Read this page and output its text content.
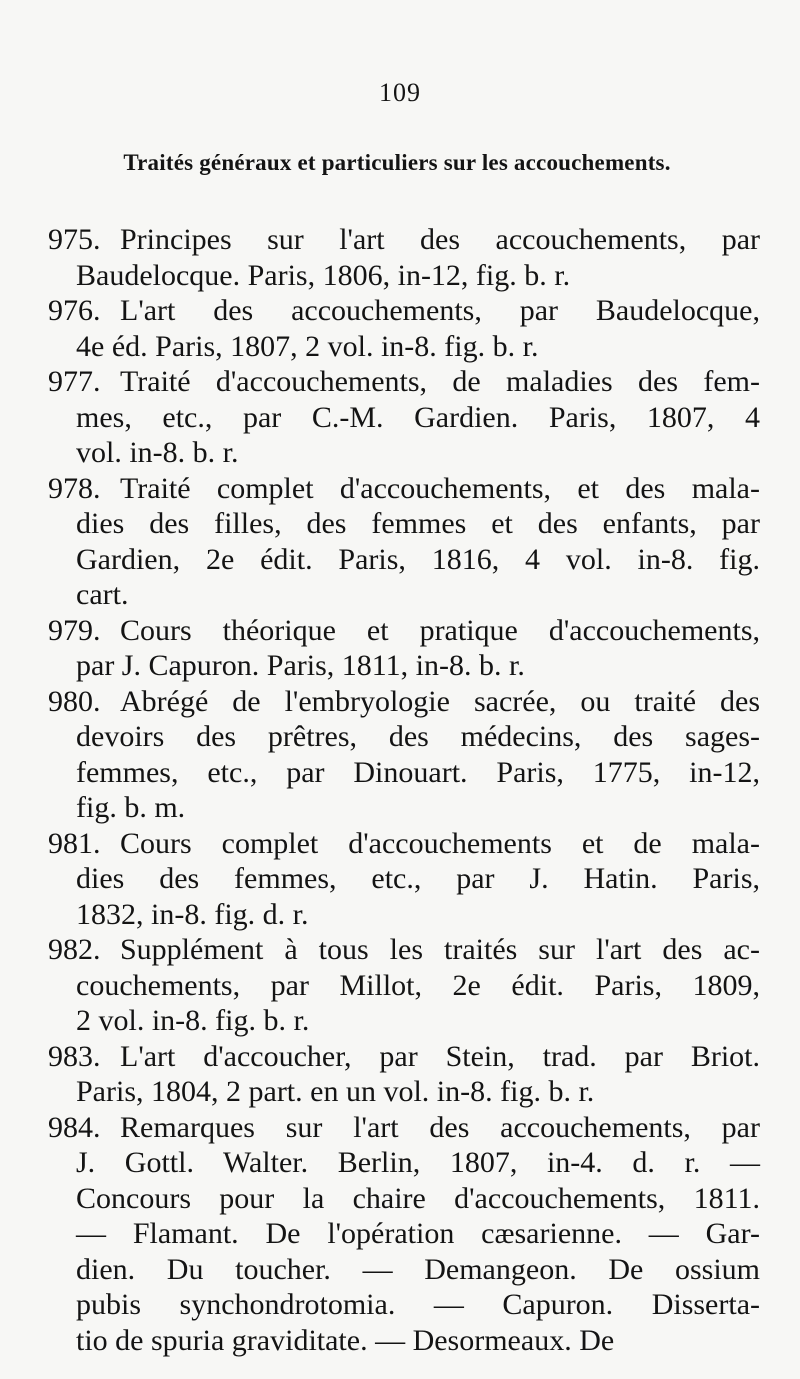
109
Traités généraux et particuliers sur les accouchements.
975. Principes sur l'art des accouchements, par
Baudelocque. Paris, 1806, in-12, fig. b. r.
976. L'art des accouchements, par Baudelocque,
4e éd. Paris, 1807, 2 vol. in-8. fig. b. r.
977. Traité d'accouchements, de maladies des fem-
mes, etc., par C.-M. Gardien. Paris, 1807, 4
vol. in-8. b. r.
978. Traité complet d'accouchements, et des mala-
dies des filles, des femmes et des enfants, par
Gardien, 2e édit. Paris, 1816, 4 vol. in-8. fig.
cart.
979. Cours théorique et pratique d'accouchements,
par J. Capuron. Paris, 1811, in-8. b. r.
980. Abrégé de l'embryologie sacrée, ou traité des
devoirs des prêtres, des médecins, des sages-
femmes, etc., par Dinouart. Paris, 1775, in-12,
fig. b. m.
981. Cours complet d'accouchements et de mala-
dies des femmes, etc., par J. Hatin. Paris,
1832, in-8. fig. d. r.
982. Supplément à tous les traités sur l'art des ac-
couchements, par Millot, 2e édit. Paris, 1809,
2 vol. in-8. fig. b. r.
983. L'art d'accoucher, par Stein, trad. par Briot.
Paris, 1804, 2 part. en un vol. in-8. fig. b. r.
984. Remarques sur l'art des accouchements, par
J. Gottl. Walter. Berlin, 1807, in-4. d. r. —
Concours pour la chaire d'accouchements, 1811.
— Flamant. De l'opération cæsarienne. — Gar-
dien. Du toucher. — Demangeon. De ossium
pubis synchondrotomia. — Capuron. Disserta-
tio de spuria graviditate. — Desormeaux. De
